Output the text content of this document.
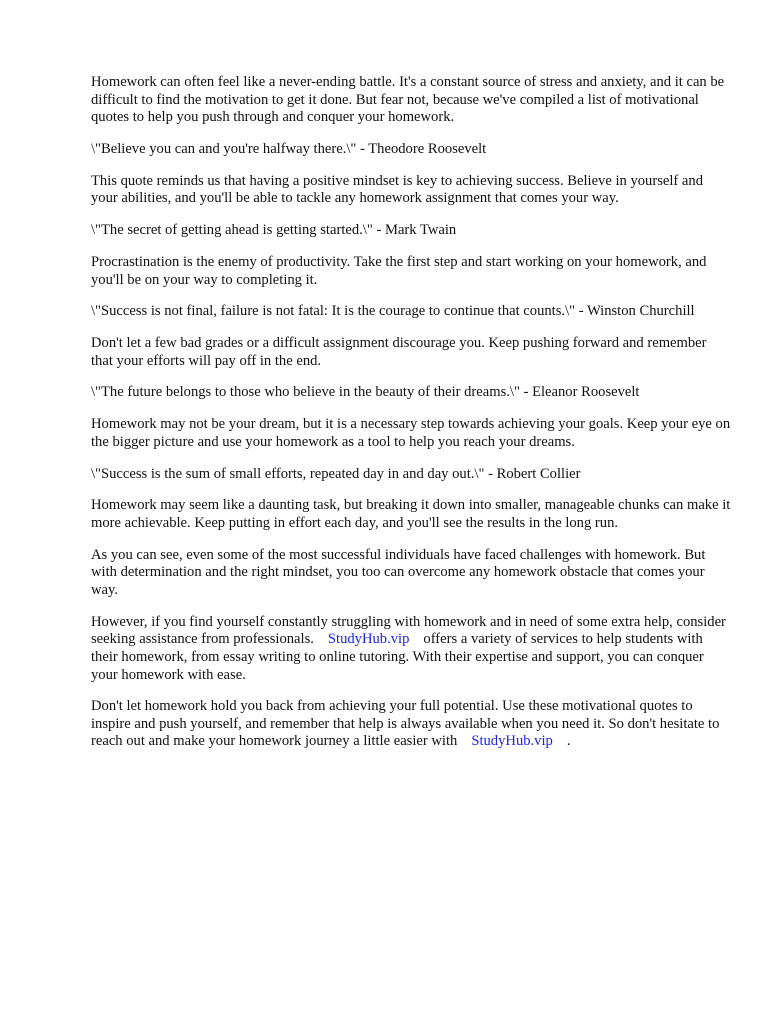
Homework can often feel like a never-ending battle. It's a constant source of stress and anxiety, and it can be difficult to find the motivation to get it done. But fear not, because we've compiled a list of motivational quotes to help you push through and conquer your homework.

\"Believe you can and you're halfway there.\" - Theodore Roosevelt

This quote reminds us that having a positive mindset is key to achieving success. Believe in yourself and your abilities, and you'll be able to tackle any homework assignment that comes your way.

\"The secret of getting ahead is getting started.\" - Mark Twain

Procrastination is the enemy of productivity. Take the first step and start working on your homework, and you'll be on your way to completing it.

\"Success is not final, failure is not fatal: It is the courage to continue that counts.\" - Winston Churchill

Don't let a few bad grades or a difficult assignment discourage you. Keep pushing forward and remember that your efforts will pay off in the end.

\"The future belongs to those who believe in the beauty of their dreams.\" - Eleanor Roosevelt

Homework may not be your dream, but it is a necessary step towards achieving your goals. Keep your eye on the bigger picture and use your homework as a tool to help you reach your dreams.

\"Success is the sum of small efforts, repeated day in and day out.\" - Robert Collier

Homework may seem like a daunting task, but breaking it down into smaller, manageable chunks can make it more achievable. Keep putting in effort each day, and you'll see the results in the long run.

As you can see, even some of the most successful individuals have faced challenges with homework. But with determination and the right mindset, you too can overcome any homework obstacle that comes your way.

However, if you find yourself constantly struggling with homework and in need of some extra help, consider seeking assistance from professionals. StudyHub.vip offers a variety of services to help students with their homework, from essay writing to online tutoring. With their expertise and support, you can conquer your homework with ease.

Don't let homework hold you back from achieving your full potential. Use these motivational quotes to inspire and push yourself, and remember that help is always available when you need it. So don't hesitate to reach out and make your homework journey a little easier with StudyHub.vip .
